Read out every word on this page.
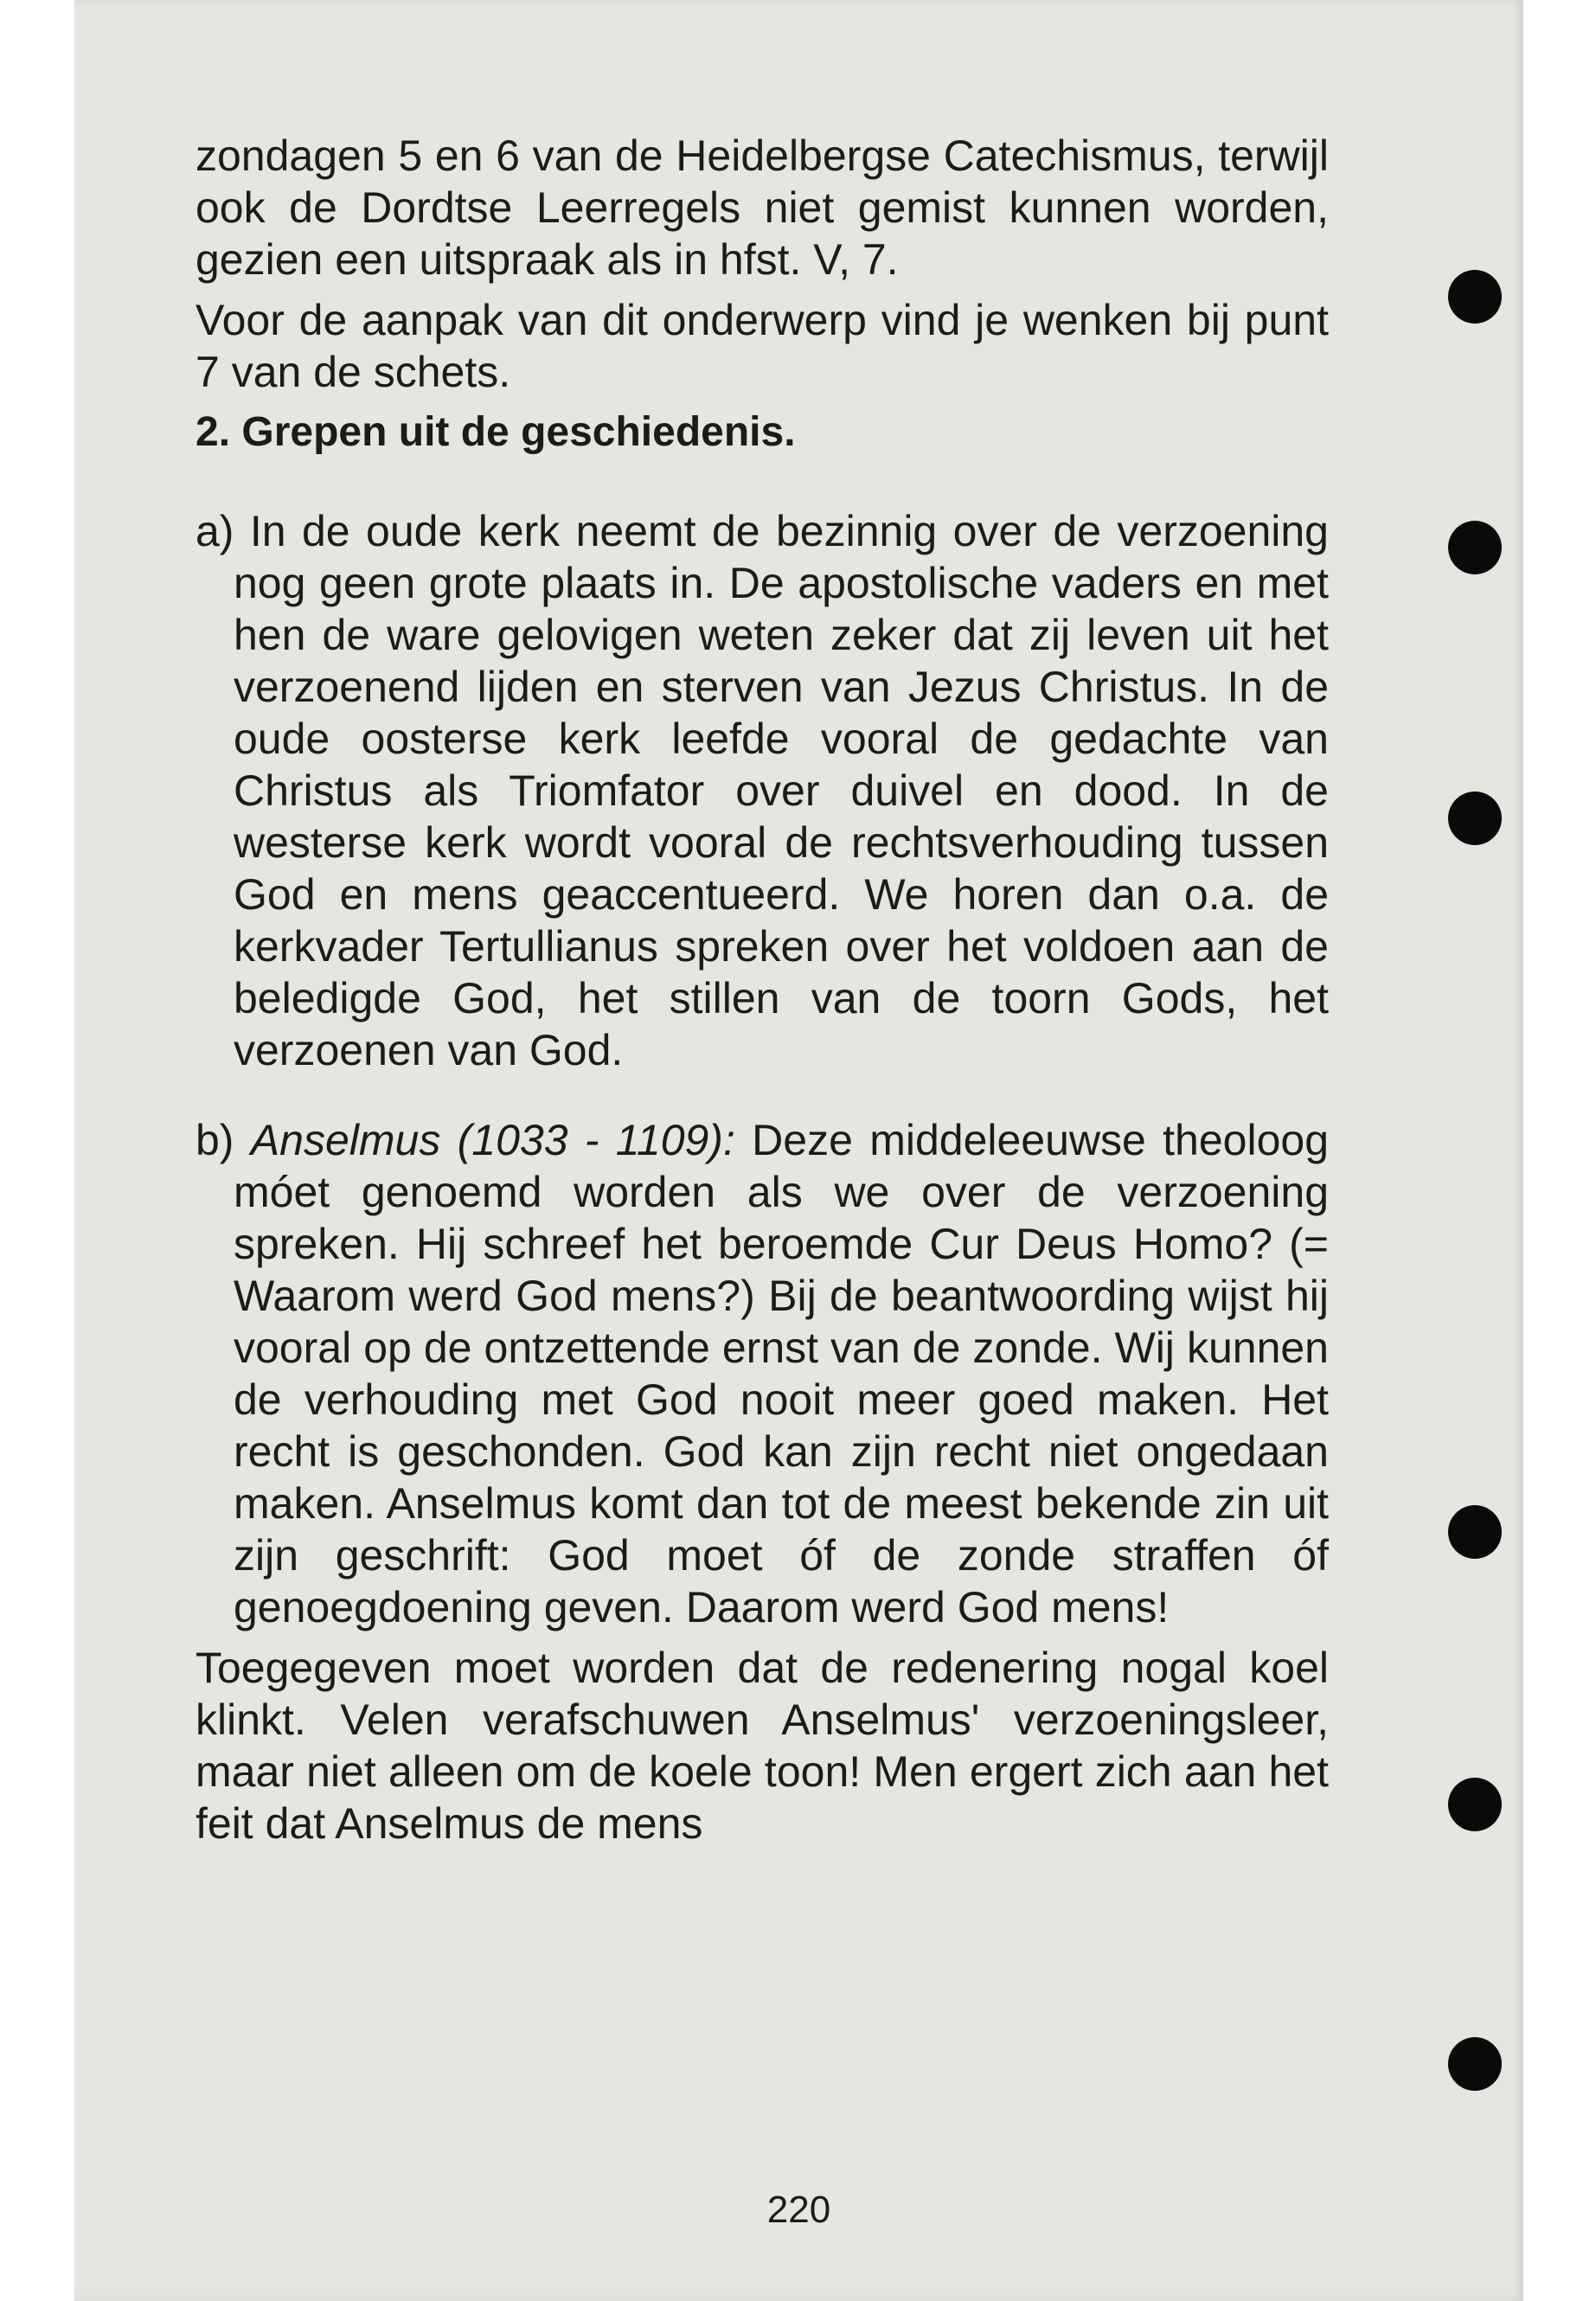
zondagen 5 en 6 van de Heidelbergse Catechismus, terwijl ook de Dordtse Leerregels niet gemist kunnen worden, gezien een uitspraak als in hfst. V, 7.

Voor de aanpak van dit onderwerp vind je wenken bij punt 7 van de schets.

2. Grepen uit de geschiedenis.

a) In de oude kerk neemt de bezinnig over de verzoening nog geen grote plaats in. De apostolische vaders en met hen de ware gelovigen weten zeker dat zij leven uit het verzoenend lijden en sterven van Jezus Christus. In de oude oosterse kerk leefde vooral de gedachte van Christus als Triomfator over duivel en dood. In de westerse kerk wordt vooral de rechtsverhouding tussen God en mens geaccentueerd. We horen dan o.a. de kerkvader Tertullianus spreken over het voldoen aan de beledigde God, het stillen van de toorn Gods, het verzoenen van God.

b) Anselmus (1033 - 1109): Deze middeleeuwse theoloog móet genoemd worden als we over de verzoening spreken. Hij schreef het beroemde Cur Deus Homo? (= Waarom werd God mens?) Bij de beantwoording wijst hij vooral op de ontzettende ernst van de zonde. Wij kunnen de verhouding met God nooit meer goed maken. Het recht is geschonden. God kan zijn recht niet ongedaan maken. Anselmus komt dan tot de meest bekende zin uit zijn geschrift: God moet óf de zonde straffen óf genoegdoening geven. Daarom werd God mens!

Toegegeven moet worden dat de redenering nogal koel klinkt. Velen verafschuwen Anselmus' verzoeningsleer, maar niet alleen om de koele toon! Men ergert zich aan het feit dat Anselmus de mens

220
